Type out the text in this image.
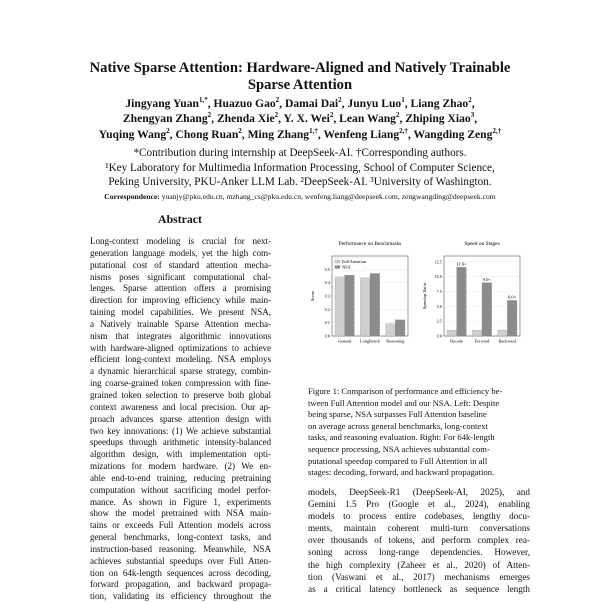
Native Sparse Attention: Hardware-Aligned and Natively Trainable
Sparse Attention
Jingyang Yuan$^{1,*}$, Huazuo Gao$^2$, Damai Dai$^2$, Junyu Luo$^1$, Liang Zhao$^2$,
Zhengyan Zhang$^2$, Zhenda Xie$^2$, Y. X. Wei$^2$, Lean Wang$^2$, Zhiping Xiao$^3$,
Yuqing Wang$^2$, Chong Ruan$^2$, Ming Zhang$^{1,\dagger}$, Wenfeng Liang$^{2,\dagger}$, Wangding Zeng$^{2,\dagger}$
*Contribution during internship at DeepSeek-AI. †Corresponding authors.
¹Key Laboratory for Multimedia Information Processing, School of Computer Science,
Peking University, PKU-Anker LLM Lab. ²DeepSeek-AI. ³University of Washington.
Correspondence: yuanjy@pku.edu.cn, mzhang_cs@pku.edu.cn, wenfeng.liang@deepseek.com, zengwangding@deepseek.com
Abstract
Long-context modeling is crucial for next-
generation language models, yet the high com-
putational cost of standard attention mecha-
nisms poses significant computational chal-
lenges. Sparse attention offers a promising
direction for improving efficiency while main-
taining model capabilities. We present NSA,
a Natively trainable Sparse Attention mecha-
nism that integrates algorithmic innovations
with hardware-aligned optimizations to achieve
efficient long-context modeling. NSA employs
a dynamic hierarchical sparse strategy, combin-
ing coarse-grained token compression with fine-
grained token selection to preserve both global
context awareness and local precision. Our ap-
proach advances sparse attention design with
two key innovations: (1) We achieve substantial
speedups through arithmetic intensity-balanced
algorithm design, with implementation opti-
mizations for modern hardware. (2) We en-
able end-to-end training, reducing pretraining
computation without sacrificing model perfor-
mance. As shown in Figure 1, experiments
show the model pretrained with NSA main-
tains or exceeds Full Attention models across
general benchmarks, long-context tasks, and
instruction-based reasoning. Meanwhile, NSA
achieves substantial speedups over Full Atten-
tion on 64k-length sequences across decoding,
forward propagation, and backward propaga-
tion, validating its efficiency throughout the
Performance on Benchmarks
0.0
0.1
0.2
0.3
0.4
0.5
Score
General LongBench Reasoning
Full Attention
NSA
Speed on Stages
0.0
2.5
5.0
7.5
10.0
12.5
Speedup Ratio
Decode
11.6×
Forward
9.0×
Backward
6.0×
Figure 1: Comparison of performance and efficiency be-
tween Full Attention model and our NSA. Left: Despite
being sparse, NSA surpasses Full Attention baseline
on average across general benchmarks, long-context
tasks, and reasoning evaluation. Right: For 64k-length
sequence processing, NSA achieves substantial com-
putational speedup compared to Full Attention in all
stages: decoding, forward, and backward propagation.
models, DeepSeek-R1 (DeepSeek-AI, 2025), and
Gemini 1.5 Pro (Google et al., 2024), enabling
models to process entire codebases, lengthy docu-
ments, maintain coherent multi-turn conversations
over thousands of tokens, and perform complex rea-
soning across long-range dependencies. However,
the high complexity (Zaheer et al., 2020) of Atten-
tion (Vaswani et al., 2017) mechanisms emerges
as a critical latency bottleneck as sequence length
